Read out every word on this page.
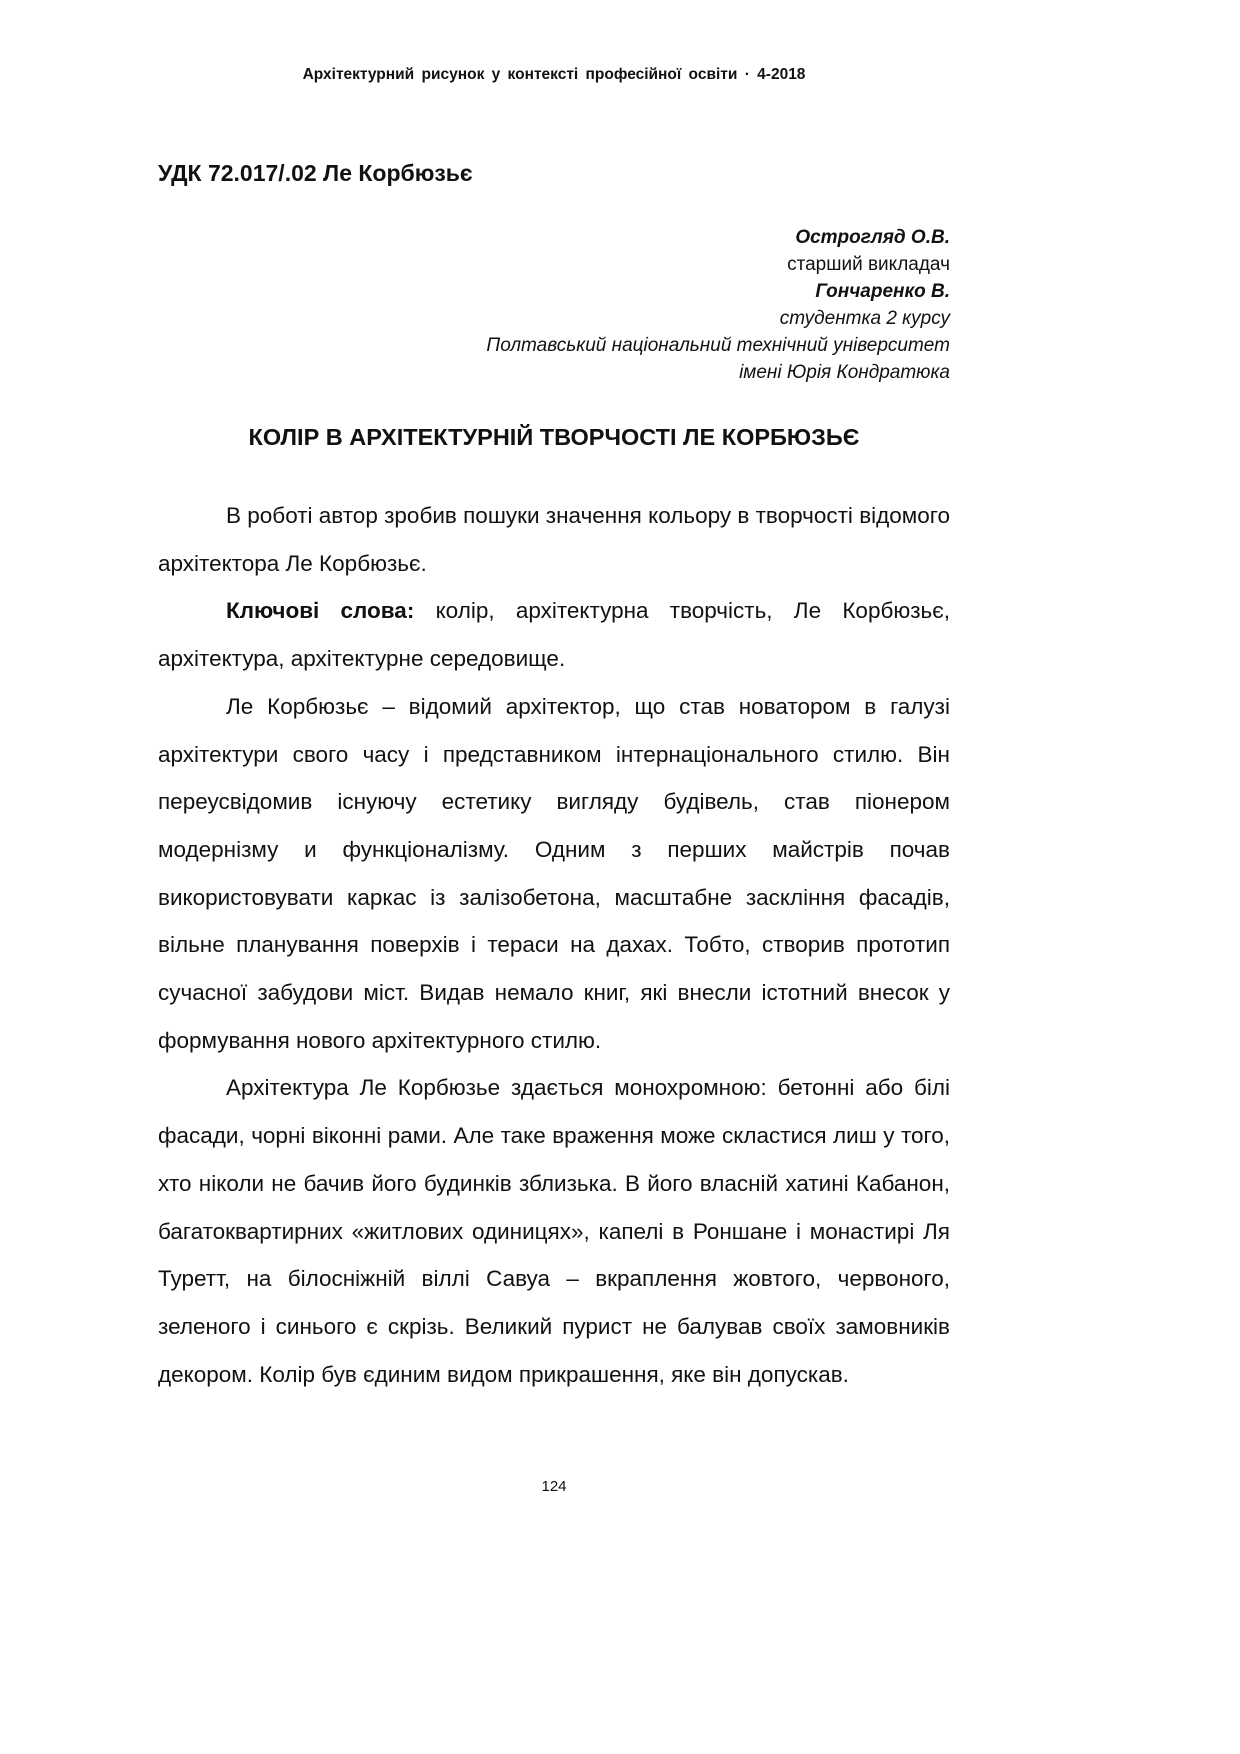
Архітектурний рисунок у контексті професійної освіти · 4-2018
УДК 72.017/.02 Ле Корбюзьє
Острогляд О.В.
старший викладач
Гончаренко В.
студентка 2 курсу
Полтавський національний технічний університет
імені Юрія Кондратюка
КОЛІР В АРХІТЕКТУРНІЙ ТВОРЧОСТІ ЛЕ КОРБЮЗЬЄ

В роботі автор зробив пошуки значення кольору в творчості відомого архітектора Ле Корбюзьє.

Ключові слова: колір, архітектурна творчість, Ле Корбюзьє, архітектура, архітектурне середовище.

Ле Корбюзьє – відомий архітектор, що став новатором в галузі архітектури свого часу і представником інтернаціонального стилю. Він переусвідомив існуючу естетику вигляду будівель, став піонером модернізму и функціоналізму. Одним з перших майстрів почав використовувати каркас із залізобетона, масштабне засклiння фасадів, вільне планування поверхів і тераси на дахах. Тобто, створив прототип сучасної забудови міст. Видав немало книг, які внесли істотний внесок у формування нового архітектурного стилю.

Архітектура Ле Корбюзье здається монохромною: бетонні або білі фасади, чорні віконні рами. Але таке враження може скластися лиш у того, хто ніколи не бачив його будинків зблизька. В його власній хатині Кабанон, багатоквартирних «житлових одиницях», капелі в Роншане і монастирі Ля Туретт, на білосніжній віллі Савуа – вкраплення жовтого, червоного, зеленого і синього є скрізь. Великий пурист не балував своїх замовників декором. Колір був єдиним видом прикрашення, яке він допускав.

124
